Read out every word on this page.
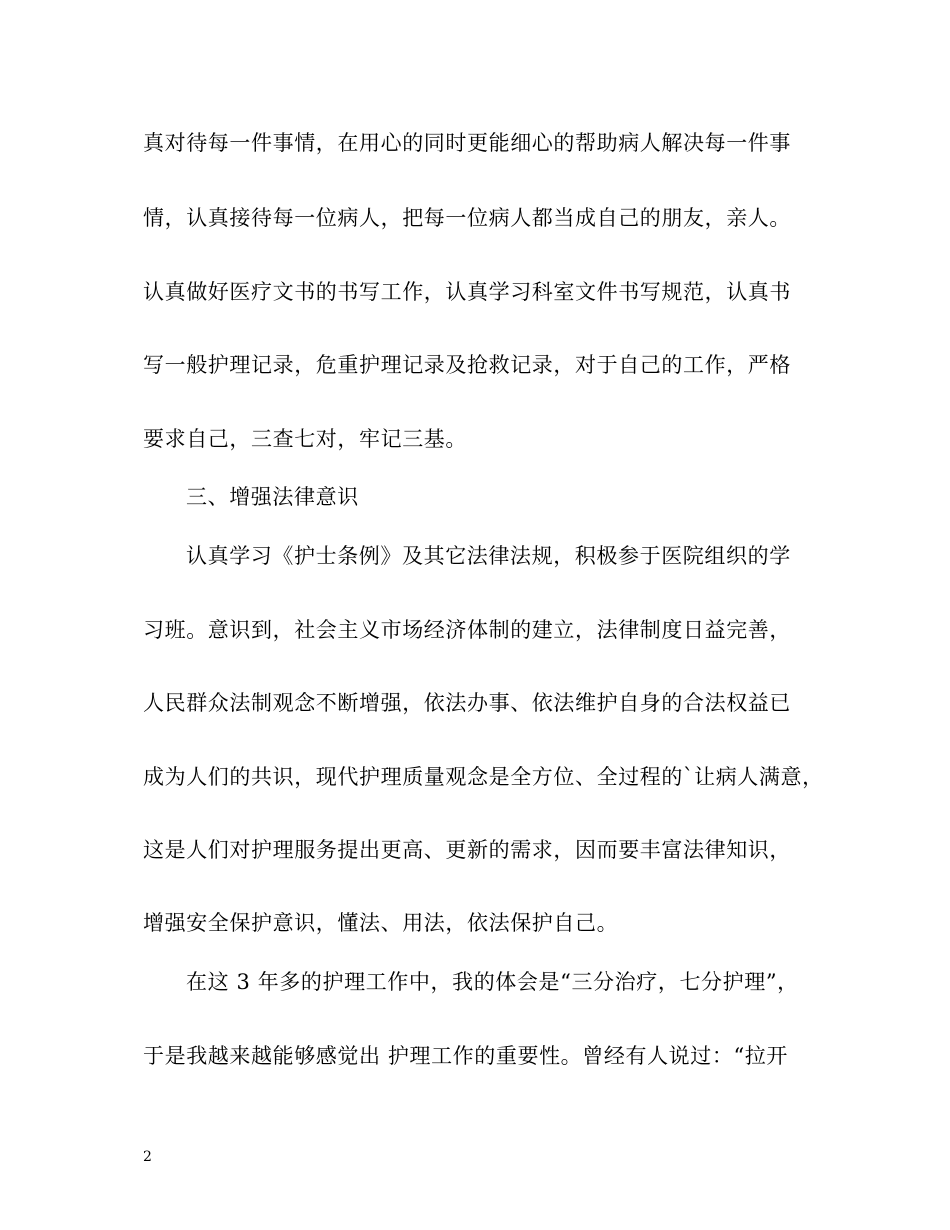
真对待每一件事情，在用心的同时更能细心的帮助病人解决每一件事
情，认真接待每一位病人，把每一位病人都当成自己的朋友，亲人。
认真做好医疗文书的书写工作，认真学习科室文件书写规范，认真书
写一般护理记录，危重护理记录及抢救记录，对于自己的工作，严格
要求自己，三查七对，牢记三基。
三、增强法律意识
认真学习《护士条例》及其它法律法规，积极参于医院组织的学
习班。意识到，社会主义市场经济体制的建立，法律制度日益完善，
人民群众法制观念不断增强，依法办事、依法维护自身的合法权益已
成为人们的共识，现代护理质量观念是全方位、全过程的`让病人满意，
这是人们对护理服务提出更高、更新的需求，因而要丰富法律知识，
增强安全保护意识，懂法、用法，依法保护自己。
在这 3 年多的护理工作中，我的体会是“三分治疗，七分护理”，
于是我越来越能够感觉出 护理工作的重要性。曾经有人说过：“拉开
2
